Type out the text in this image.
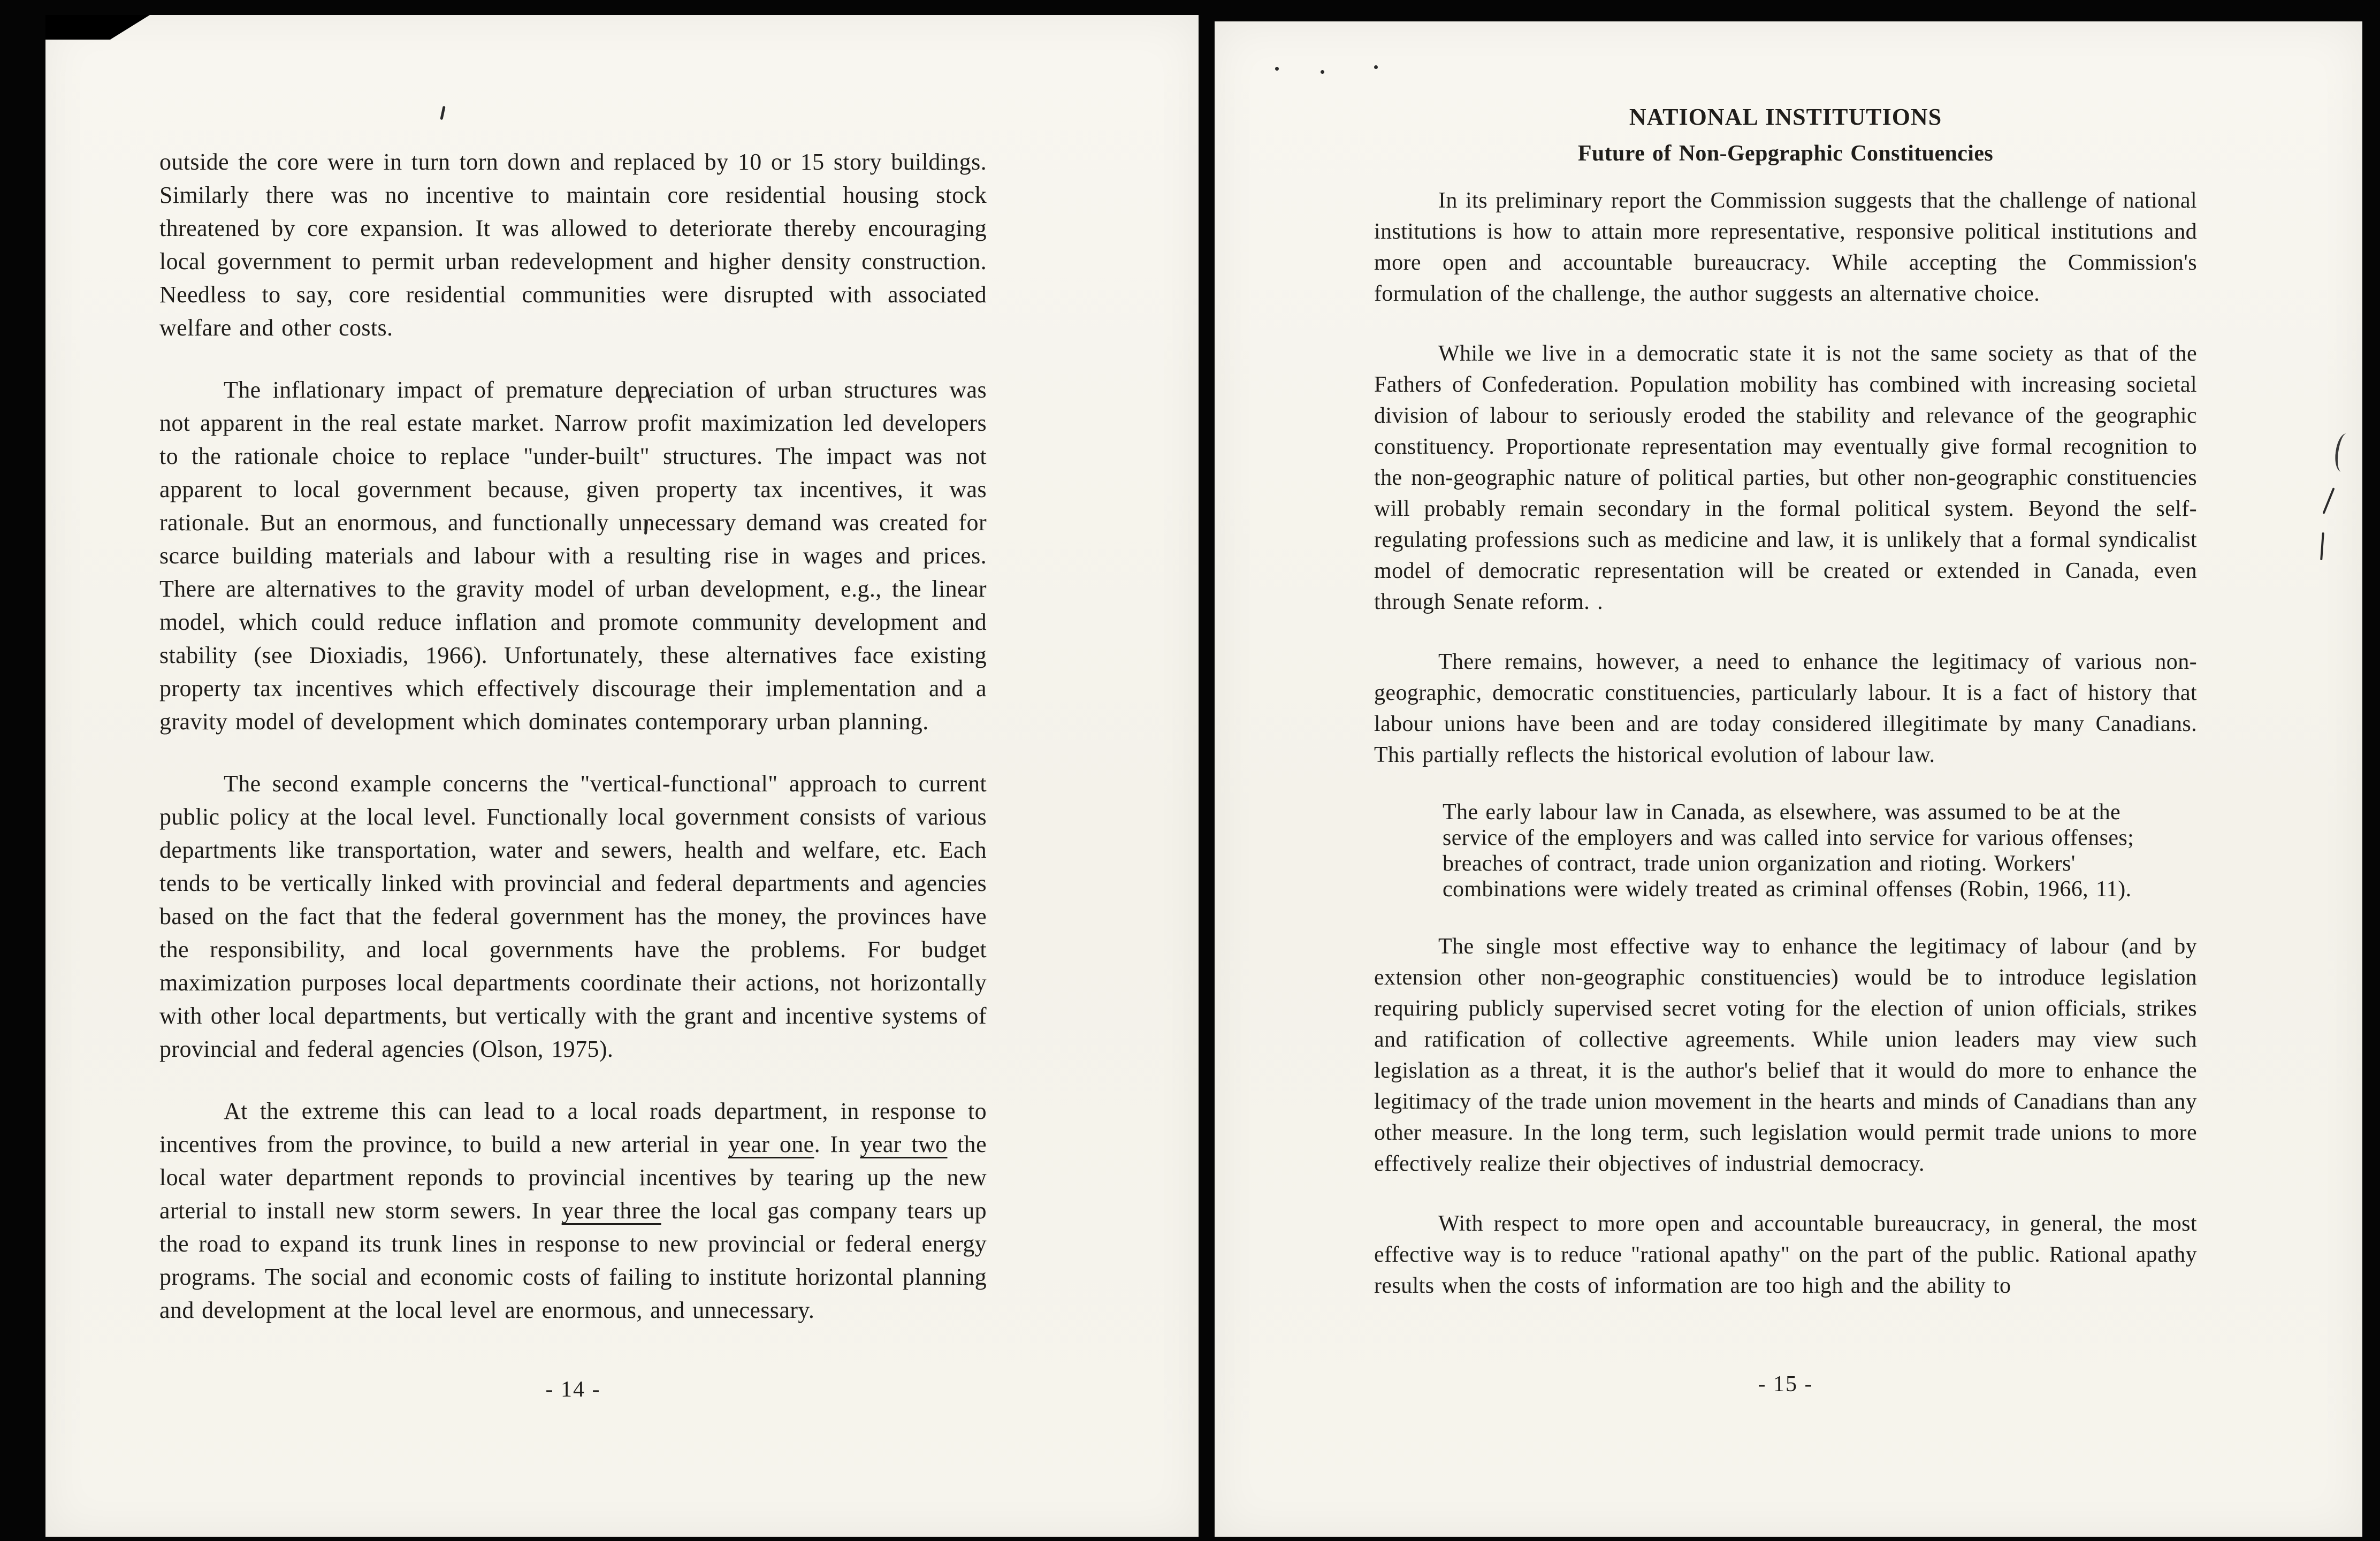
outside the core were in turn torn down and replaced by 10 or 15 story buildings. Similarly there was no incentive to maintain core residential housing stock threatened by core expansion. It was allowed to deteriorate thereby encouraging local government to permit urban redevelopment and higher density construction. Needless to say, core residential communities were disrupted with associated welfare and other costs.

The inflationary impact of premature depreciation of urban structures was not apparent in the real estate market. Narrow profit maximization led developers to the rationale choice to replace "under-built" structures. The impact was not apparent to local government because, given property tax incentives, it was rationale. But an enormous, and functionally unnecessary demand was created for scarce building materials and labour with a resulting rise in wages and prices. There are alternatives to the gravity model of urban development, e.g., the linear model, which could reduce inflation and promote community development and stability (see Dioxiadis, 1966). Unfortunately, these alternatives face existing property tax incentives which effectively discourage their implementation and a gravity model of development which dominates contemporary urban planning.

The second example concerns the "vertical-functional" approach to current public policy at the local level. Functionally local government consists of various departments like transportation, water and sewers, health and welfare, etc. Each tends to be vertically linked with provincial and federal departments and agencies based on the fact that the federal government has the money, the provinces have the responsibility, and local governments have the problems. For budget maximization purposes local departments coordinate their actions, not horizontally with other local departments, but vertically with the grant and incentive systems of provincial and federal agencies (Olson, 1975).

At the extreme this can lead to a local roads department, in response to incentives from the province, to build a new arterial in year one. In year two the local water department reponds to provincial incentives by tearing up the new arterial to install new storm sewers. In year three the local gas company tears up the road to expand its trunk lines in response to new provincial or federal energy programs. The social and economic costs of failing to institute horizontal planning and development at the local level are enormous, and unnecessary.

- 14 -
NATIONAL INSTITUTIONS
Future of Non-Gepgraphic Constituencies

In its preliminary report the Commission suggests that the challenge of national institutions is how to attain more representative, responsive political institutions and more open and accountable bureaucracy. While accepting the Commission's formulation of the challenge, the author suggests an alternative choice.

While we live in a democratic state it is not the same society as that of the Fathers of Confederation. Population mobility has combined with increasing societal division of labour to seriously eroded the stability and relevance of the geographic constituency. Proportionate representation may eventually give formal recognition to the non-geographic nature of political parties, but other non-geographic constituencies will probably remain secondary in the formal political system. Beyond the self-regulating professions such as medicine and law, it is unlikely that a formal syndicalist model of democratic representation will be created or extended in Canada, even through Senate reform. .

There remains, however, a need to enhance the legitimacy of various non-geographic, democratic constituencies, particularly labour. It is a fact of history that labour unions have been and are today considered illegitimate by many Canadians. This partially reflects the historical evolution of labour law.

The early labour law in Canada, as elsewhere, was assumed to be at the service of the employers and was called into service for various offenses; breaches of contract, trade union organization and rioting. Workers' combinations were widely treated as criminal offenses (Robin, 1966, 11).

The single most effective way to enhance the legitimacy of labour (and by extension other non-geographic constituencies) would be to introduce legislation requiring publicly supervised secret voting for the election of union officials, strikes and ratification of collective agreements. While union leaders may view such legislation as a threat, it is the author's belief that it would do more to enhance the legitimacy of the trade union movement in the hearts and minds of Canadians than any other measure. In the long term, such legislation would permit trade unions to more effectively realize their objectives of industrial democracy.

With respect to more open and accountable bureaucracy, in general, the most effective way is to reduce "rational apathy" on the part of the public. Rational apathy results when the costs of information are too high and the ability to

- 15 -
